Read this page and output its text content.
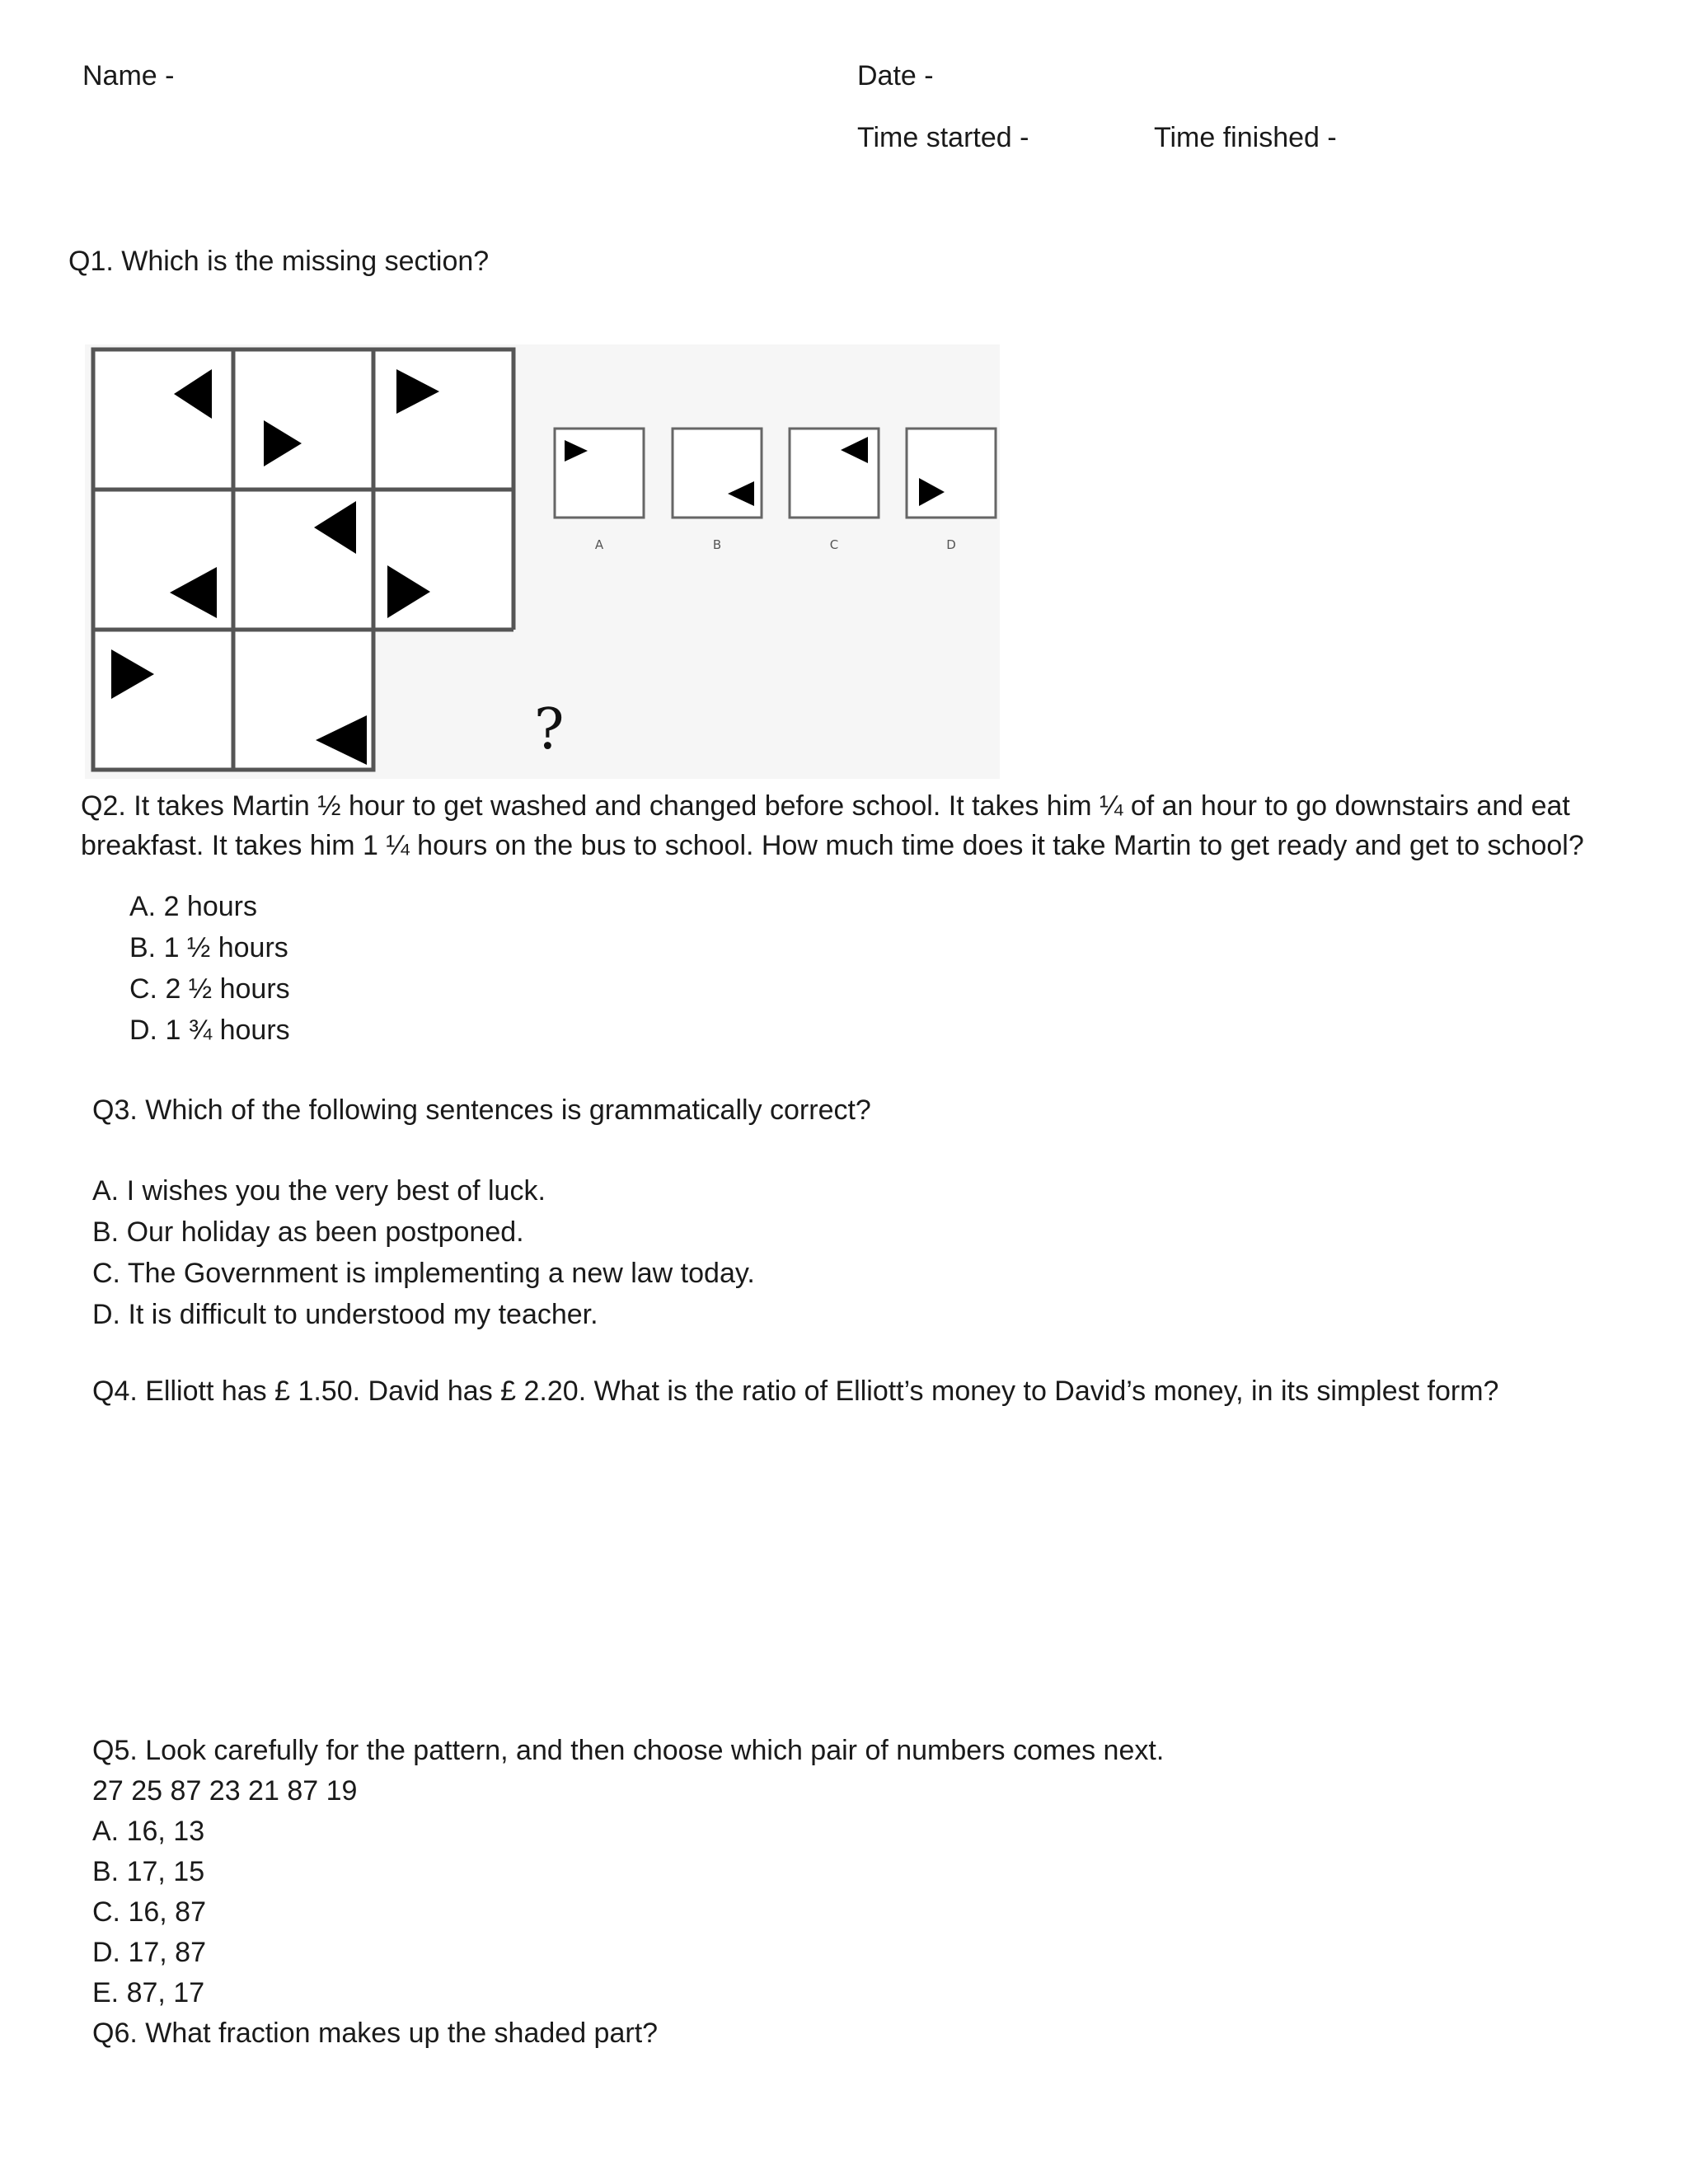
Name -	Date -
Time started -	Time finished -
Q1. Which is the missing section?
?
A	B	C	D
Q2. It takes Martin ½ hour to get washed and changed before school. It takes him ¼ of an hour to go downstairs and eat breakfast. It takes him 1 ¼ hours on the bus to school. How much time does it take Martin to get ready and get to school?
A. 2 hours
B. 1 ½ hours
C. 2 ½ hours
D. 1 ¾ hours
Q3. Which of the following sentences is grammatically correct?
A. I wishes you the very best of luck.
B. Our holiday as been postponed.
C. The Government is implementing a new law today.
D. It is difficult to understood my teacher.
Q4. Elliott has £ 1.50. David has £ 2.20. What is the ratio of Elliott’s money to David’s money, in its simplest form?
Q5. Look carefully for the pattern, and then choose which pair of numbers comes next.
27 25 87 23 21 87 19
A. 16, 13
B. 17, 15
C. 16, 87
D. 17, 87
E. 87, 17
Q6. What fraction makes up the shaded part?
